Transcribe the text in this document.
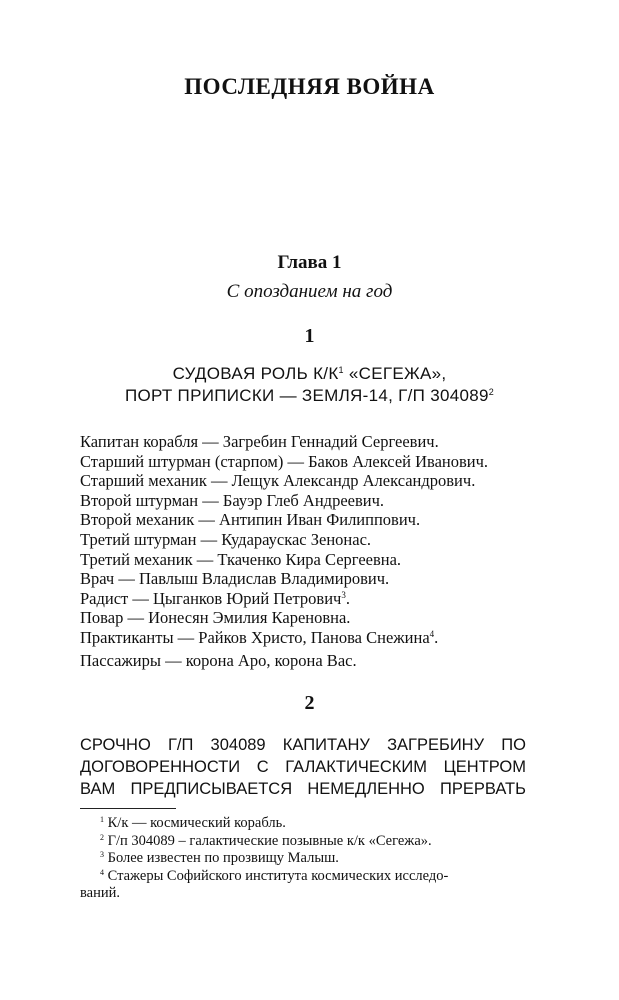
ПОСЛЕДНЯЯ ВОЙНА
Глава 1
С опозданием на год
1
СУДОВАЯ РОЛЬ $К/К^1$ «СЕГЕЖА»,
ПОРТ ПРИПИСКИ — ЗЕМЛЯ-14, Г/П 304089$^2$
Капитан корабля — Загребин Геннадий Сергеевич.
Старший штурман (старпом) — Баков Алексей Иванович.
Старший механик — Лещук Александр Александрович.
Второй штурман — Бауэр Глеб Андреевич.
Второй механик — Антипин Иван Филиппович.
Третий штурман — Кудараускас Зенонас.
Третий механик — Ткаченко Кира Сергеевна.
Врач — Павлыш Владислав Владимирович.
Радист — Цыганков Юрий Петрович$^3$.
Повар — Ионесян Эмилия Кареновна.
Практиканты — Райков Христо, Панова Снежина$^4$.
Пассажиры — корона Аро, корона Вас.
2
СРОЧНО Г/П 304089 КАПИТАНУ ЗАГРЕБИНУ ПО
ДОГОВОРЕННОСТИ С ГАЛАКТИЧЕСКИМ ЦЕНТРОМ
ВАМ ПРЕДПИСЫВАЕТСЯ НЕМЕДЛЕННО ПРЕРВАТЬ
$^1$ К/к — космический корабль.
$^2$ Г/п 304089 – галактические позывные к/к «Сегежа».
$^3$ Более известен по прозвищу Малыш.
$^4$ Стажеры Софийского института космических исследо-
ваний.
